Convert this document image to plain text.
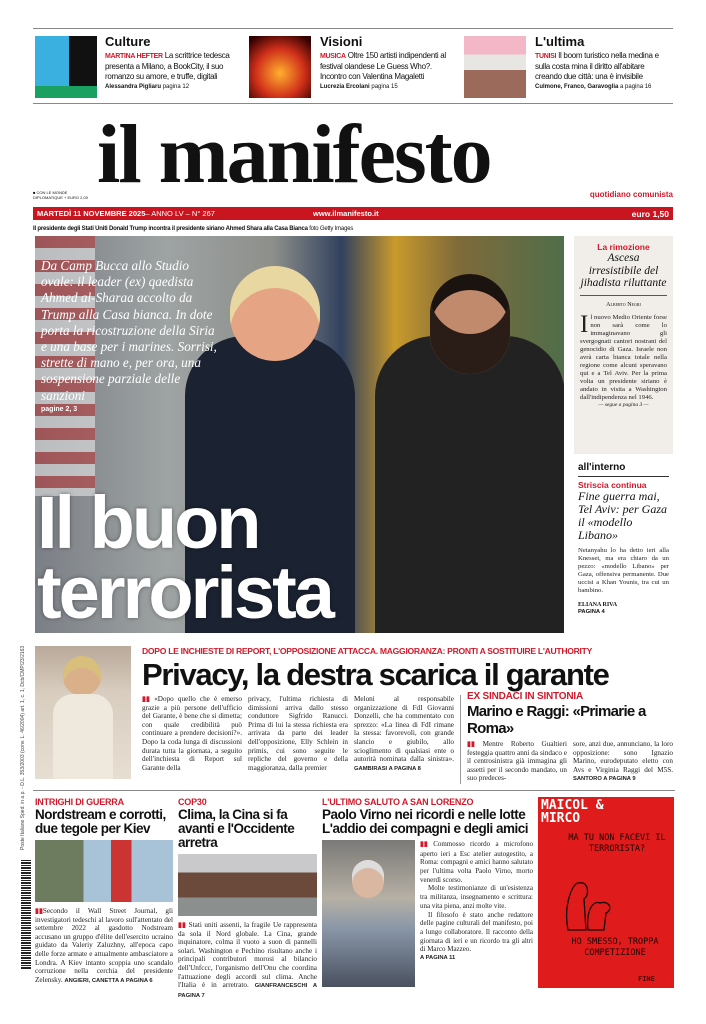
Culture
MARTINA HEFTER La scrittrice tedesca presenta a Milano, a BookCity, il suo romanzo su amore, e truffe, digitali
Alessandra Pigliaru pagina 12
Visioni
MUSICA Oltre 150 artisti indipendenti al festival olandese Le Guess Who?. Incontro con Valentina Magaletti
Lucrezia Ercolani pagina 15
L'ultima
TUNISI Il boom turistico nella medina e sulla costa mina il diritto all'abitare creando due città: una è invisibile
Culmone, Franco, Garavoglia a pagina 16
il manifesto	quotidiano comunista
■ CON LE MONDE DIPLOMATIQUE + EURO 2,00
MARTEDÌ 11 NOVEMBRE 2025 – ANNO LV – N° 267	www.ilmanifesto.it	euro 1,50
Il presidente degli Stati Uniti Donald Trump incontra il presidente siriano Ahmed Shara alla Casa Bianca foto Getty Images
Da Camp Bucca allo Studio ovale: il leader (ex) qaedista Ahmed al-Sharaa accolto da Trump alla Casa bianca. In dote porta la ricostruzione della Siria e una base per i marines. Sorrisi, strette di mano e, per ora, una sospensione parziale delle sanzioni
pagine 2, 3
Il buon
terrorista
La rimozione
Ascesa irresistibile del jihadista riluttante
Alberto Negri
Il nuovo Medio Oriente forse non sarà come lo immaginavano gli svergognati cantori nostrani del genocidio di Gaza. Israele non avrà carta bianca totale nella regione come alcuni speravano qui e a Tel Aviv. Per la prima volta un presidente siriano è andato in visita a Washington dall'indipendenza nel 1946.
— segue a pagina 3 —
all'interno
Striscia continua
Fine guerra mai, Tel Aviv: per Gaza il «modello Libano»
Netanyahu lo ha detto ieri alla Knesset, ma era chiaro da un pezzo: «modello Libano» per Gaza, offensiva permanente. Due uccisi a Khan Younis, tra cui un bambino.
ELIANA RIVA
PAGINA 4
Poste Italiane Sped. in a.p. - D.L. 353/2003 (conv. L. 46/2004) art. 1, c. 1, Dcb/CMP/23/2163	DOPO LE INCHIESTE DI REPORT, L'OPPOSIZIONE ATTACCA. MAGGIORANZA: PRONTI A SOSTITUIRE L'AUTHORITY
Privacy, la destra scarica il garante
▮▮ «Dopo quello che è emerso grazie a più persone dell'ufficio del Garante, è bene che si dimetta; con quale credibilità può continuare a prendere decisioni?». Dopo la coda lunga di discussioni durata tutta la giornata, a seguito dell'inchiesta di Report sul Garante della
privacy, l'ultima richiesta di dimissioni arriva dallo stesso conduttore Sigfrido Ranucci. Prima di lui la stessa richiesta era arrivata da parte dei leader dell'opposizione, Elly Schlein in primis, cui sono seguite le repliche del governo e della maggioranza, dalla premier
Meloni al responsabile organizzazione di FdI Giovanni Donzelli, che ha commentato con sprezzo: «La linea di FdI rimane la stessa: favorevoli, con grande slancio e giubilo, allo scioglimento di qualsiasi ente o autorità nominata dalla sinistra». GAMBIRASI A PAGINA 8
EX SINDACI IN SINTONIA
Marino e Raggi: «Primarie a Roma»
▮▮ Mentre Roberto Gualtieri festeggia quattro anni da sindaco e il centrosinistra già immagina gli assetti per il secondo mandato, un suo predeces-
sore, anzi due, annunciano, la loro opposizione: sono Ignazio Marino, eurodeputato eletto con Avs e Virginia Raggi del M5S. SANTORO A PAGINA 9
INTRIGHI DI GUERRA
Nordstream e corrotti, due tegole per Kiev
▮▮Secondo il Wall Street Journal, gli investigatori tedeschi al lavoro sull'attentato del settembre 2022 al gasdotto Nodstream accusano un gruppo d'élite dell'esercito ucraino guidato da Valeriy Zaluzhny, all'epoca capo delle forze armate e attualmente ambasciatore a Londra. A Kiev intanto scoppia uno scandalo corruzione nella cerchia del presidente Zelensky. ANGIERI, CANETTA A PAGINA 6
COP30
Clima, la Cina si fa avanti e l'Occidente arretra
▮▮ Stati uniti assenti, la fragile Ue rappresenta da sola il Nord globale. La Cina, grande inquinatore, colma il vuoto a suon di pannelli solari. Washington e Pechino risultano anche i principali contributori morosi al bilancio dell'Unfccc, l'organismo dell'Onu che coordina l'attuazione degli accordi sul clima. Anche l'Italia è in arretrato. GIANFRANCESCHI A PAGINA 7
L'ULTIMO SALUTO A SAN LORENZO
Paolo Virno nei ricordi e nelle lotte L'addio dei compagni e degli amici

▮▮ Commosso ricordo a microfono aperto ieri a Esc atelier autogestito, a Roma: compagni e amici hanno salutato per l'ultima volta Paolo Virno, morto venerdì scorso.

Molte testimonianze di un'esistenza tra militanza, insegnamento e scrittura: una vita piena, anzi molte vite.

Il filosofo è stato anche redattore delle pagine culturali del manifesto, poi a lungo collaboratore. Il racconto della giornata di ieri e un ricordo tra gli altri di Marco Mazzeo.

A PAGINA 11
MAICOL & MIRCO
MA TU NON FACEVI IL TERRORISTA?
HO SMESSO, TROPPA COMPETIZIONE
FINE
